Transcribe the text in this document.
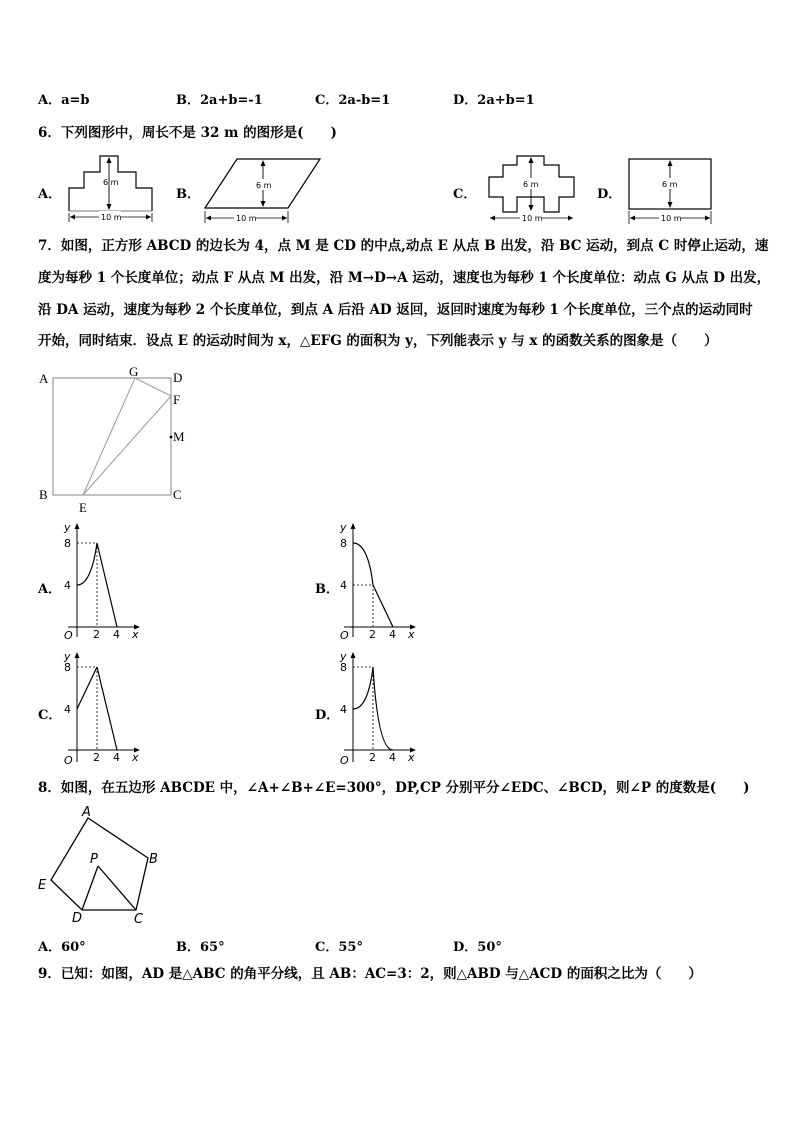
A．a=b	B．2a+b=-1	C．2a-b=1	D．2a+b=1
6．下列图形中，周长不是 32 m 的图形是(　　)
A．
6 m
10 m
B．
6 m
10 m
C．
6 m
10 m
D．
6 m
10 m
7．如图，正方形 ABCD 的边长为 4，点 M 是 CD 的中点,动点 E 从点 B 出发，沿 BC 运动，到点 C 时停止运动，速
度为每秒 1 个长度单位；动点 F 从点 M 出发，沿 M→D→A 运动，速度也为每秒 1 个长度单位：动点 G 从点 D 出发，
沿 DA 运动，速度为每秒 2 个长度单位，到点 A 后沿 AD 返回，返回时速度为每秒 1 个长度单位，三个点的运动同时
开始，同时结束．设点 E 的运动时间为 x，△EFG 的面积为 y，下列能表示 y 与 x 的函数关系的图象是（　　）
A	G	D
F
M
B	C
E
A．
y
8
4
O 2 4 x
B．
y
8
4
O 2 4 x
C．
y
8
4
O 2 4 x
D．
y
8
4
O 2 4 x
8．如图，在五边形 ABCDE 中，∠A+∠B+∠E=300°，DP,CP 分别平分∠EDC、∠BCD，则∠P 的度数是(　　)
A
B
C
D
E
P
A．60°	B．65°	C．55°	D．50°
9．已知：如图，AD 是△ABC 的角平分线，且 AB：AC=3：2，则△ABD 与△ACD 的面积之比为（　　）
